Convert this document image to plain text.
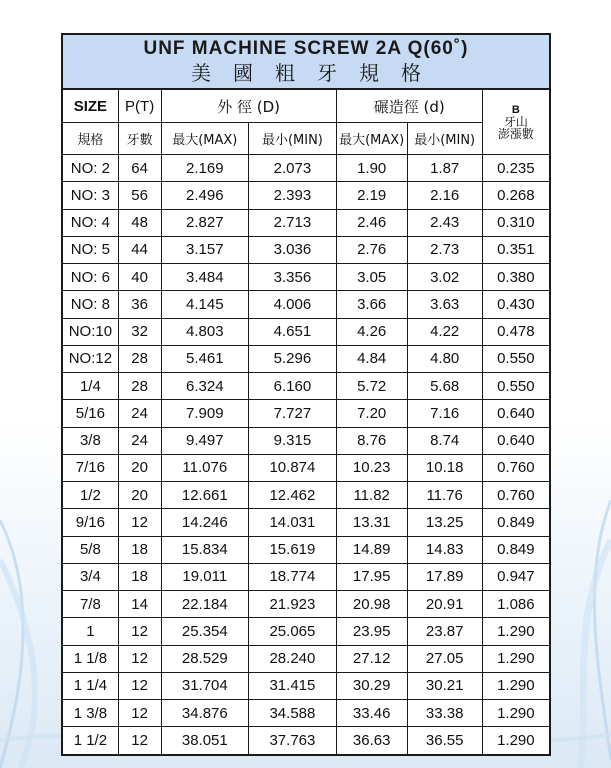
UNF MACHINE SCREW 2A Q(60˚)
美國粗牙規格
SIZE	P(T)	外 徑 (D)		碾造徑 (d)		B
牙山
澎漲數

規格	牙數	最大(MAX)	最小(MIN)	最大(MAX)	最小(MIN)	
NO: 2	64	2.169	2.073	1.90	1.87	0.235
NO: 3	56	2.496	2.393	2.19	2.16	0.268
NO: 4	48	2.827	2.713	2.46	2.43	0.310
NO: 5	44	3.157	3.036	2.76	2.73	0.351
NO: 6	40	3.484	3.356	3.05	3.02	0.380
NO: 8	36	4.145	4.006	3.66	3.63	0.430
NO:10	32	4.803	4.651	4.26	4.22	0.478
NO:12	28	5.461	5.296	4.84	4.80	0.550
1/4	28	6.324	6.160	5.72	5.68	0.550
5/16	24	7.909	7.727	7.20	7.16	0.640
3/8	24	9.497	9.315	8.76	8.74	0.640
7/16	20	11.076	10.874	10.23	10.18	0.760
1/2	20	12.661	12.462	11.82	11.76	0.760
9/16	12	14.246	14.031	13.31	13.25	0.849
5/8	18	15.834	15.619	14.89	14.83	0.849
3/4	18	19.011	18.774	17.95	17.89	0.947
7/8	14	22.184	21.923	20.98	20.91	1.086
1	12	25.354	25.065	23.95	23.87	1.290
1 1/8	12	28.529	28.240	27.12	27.05	1.290
1 1/4	12	31.704	31.415	30.29	30.21	1.290
1 3/8	12	34.876	34.588	33.46	33.38	1.290
1 1/2	12	38.051	37.763	36.63	36.55	1.290
